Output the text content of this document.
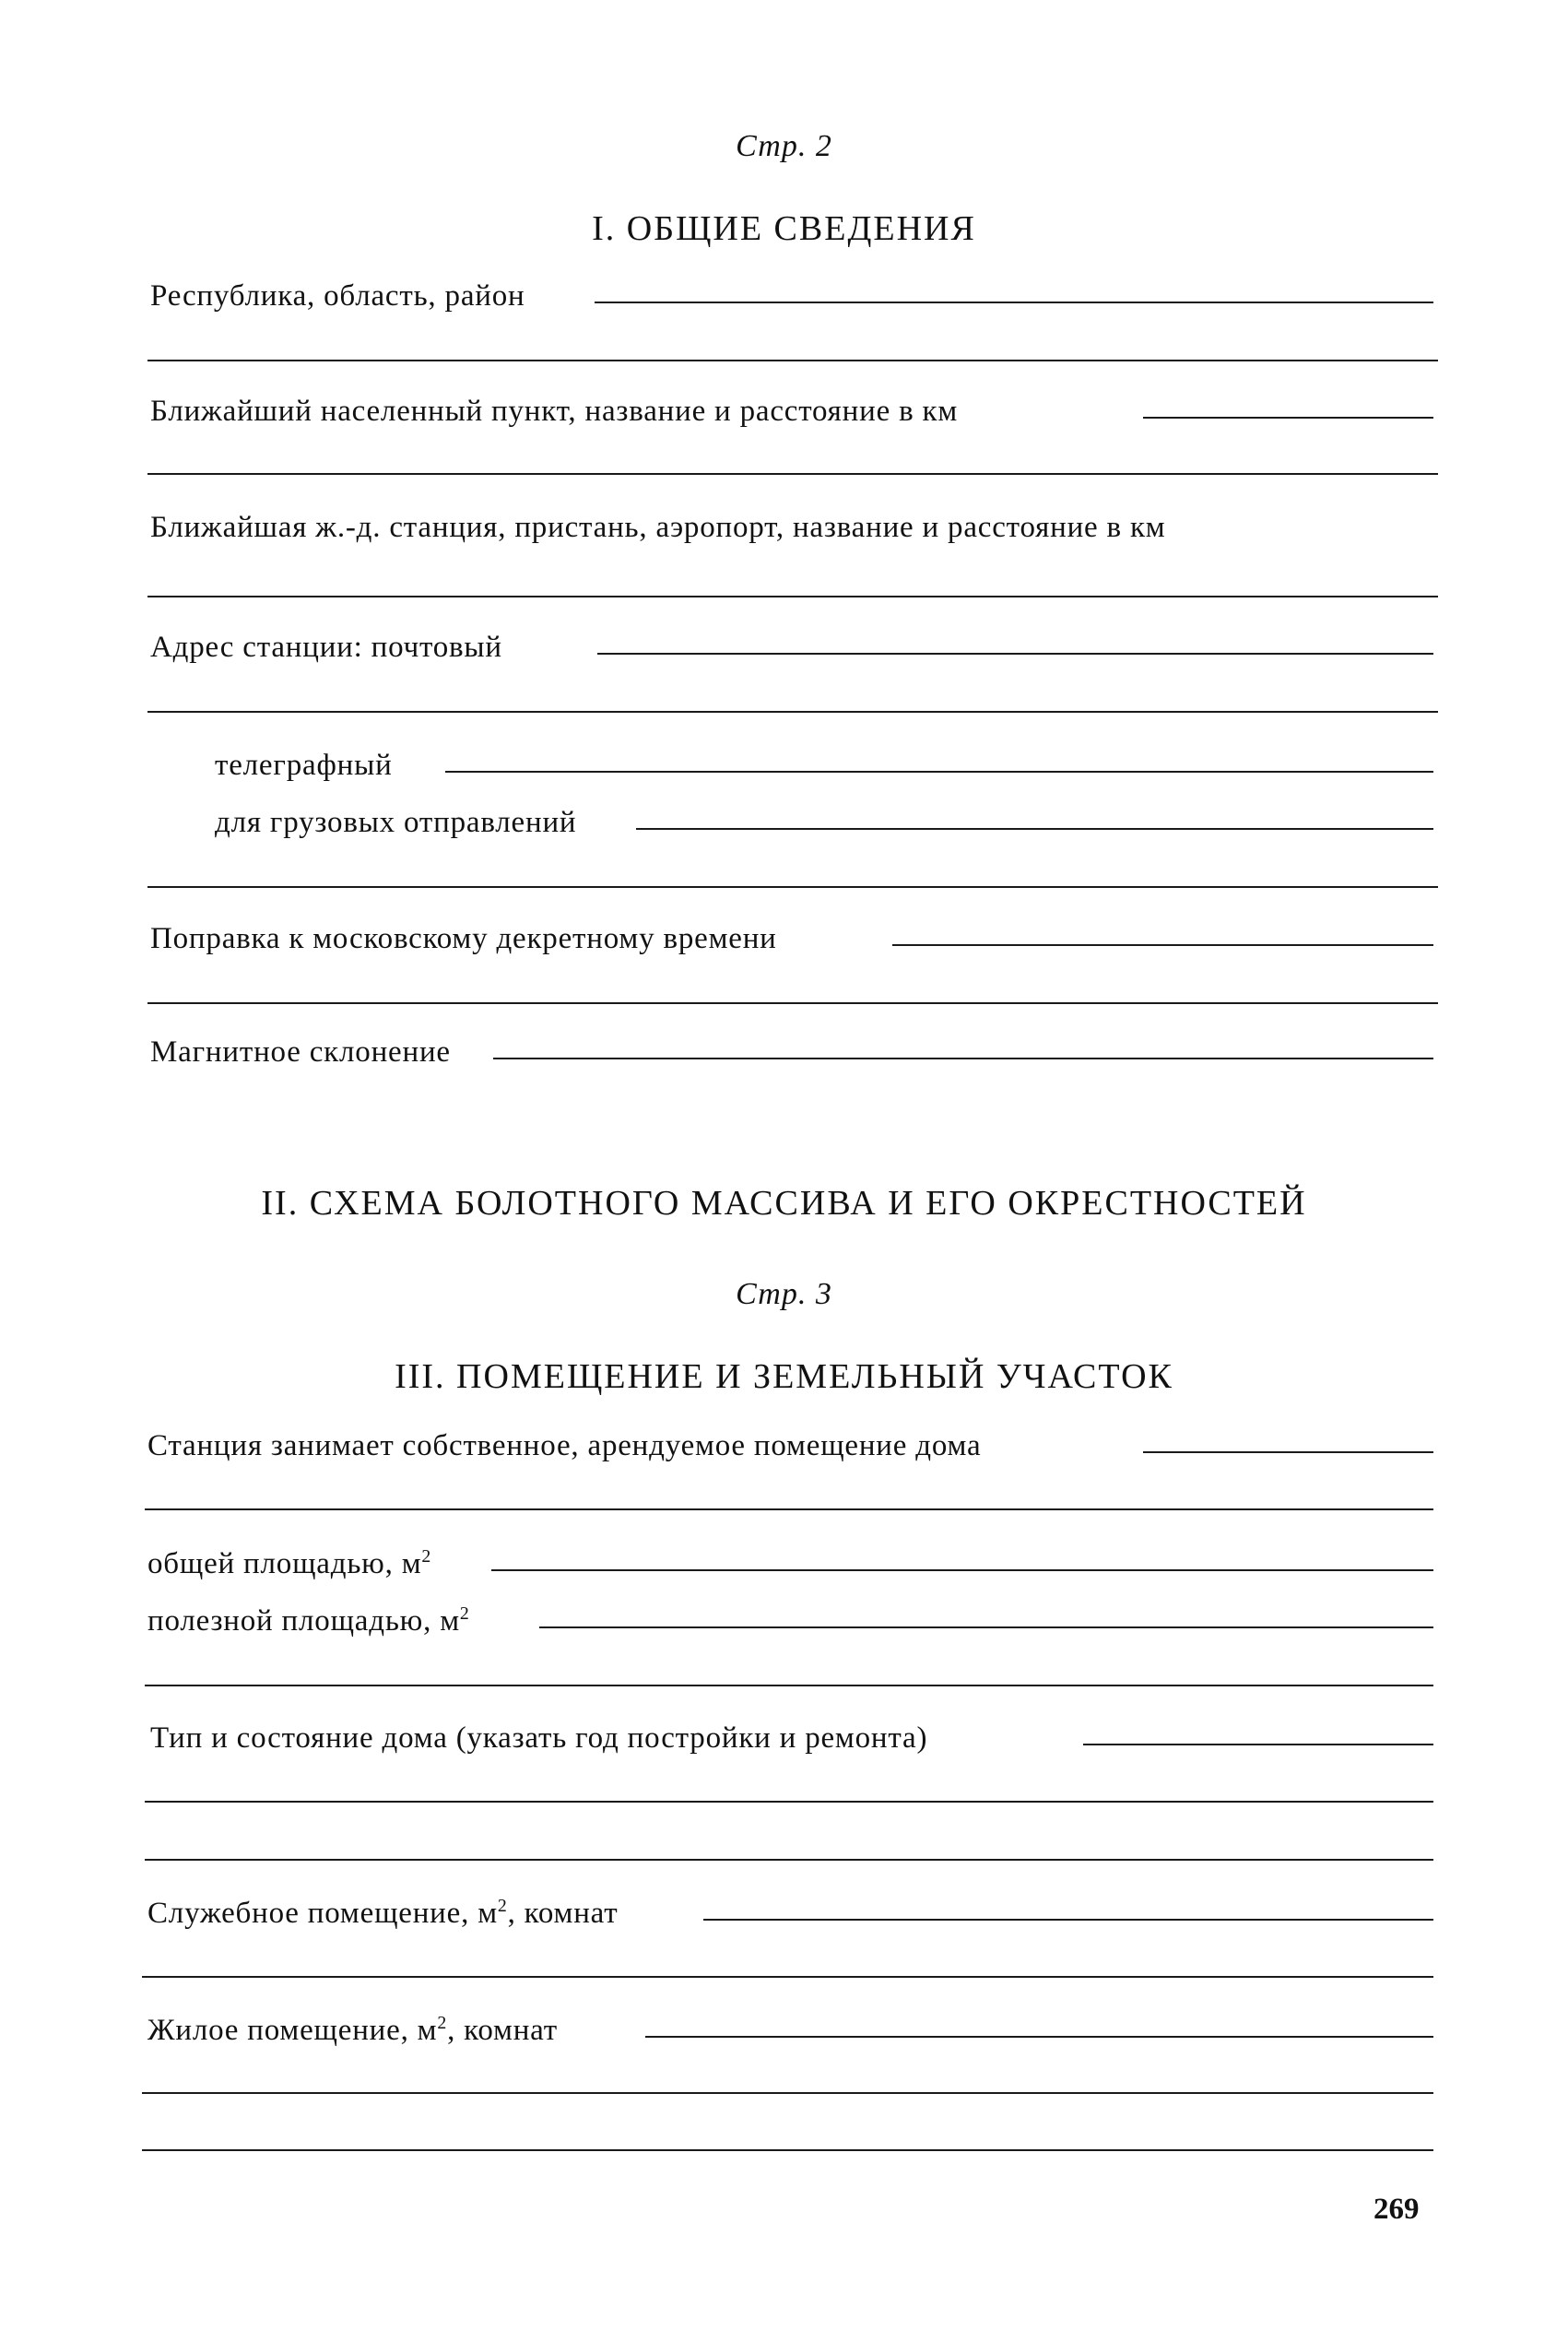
Стр. 2
I. ОБЩИЕ СВЕДЕНИЯ
Республика, область, район
Ближайший населенный пункт, название и расстояние в км
Ближайшая ж.-д. станция, пристань, аэропорт, название и расстояние в км
Адрес станции: почтовый
телеграфный
для грузовых отправлений
Поправка к московскому декретному времени
Магнитное склонение
II. СХЕМА БОЛОТНОГО МАССИВА И ЕГО ОКРЕСТНОСТЕЙ
Стр. 3
III. ПОМЕЩЕНИЕ И ЗЕМЕЛЬНЫЙ УЧАСТОК
Станция занимает собственное, арендуемое помещение дома
общей площадью, $м^2$
полезной площадью, $м^2$
Тип и состояние дома (указать год постройки и ремонта)
Служебное помещение, $м^2$, комнат
Жилое помещение, $м^2$, комнат
269
